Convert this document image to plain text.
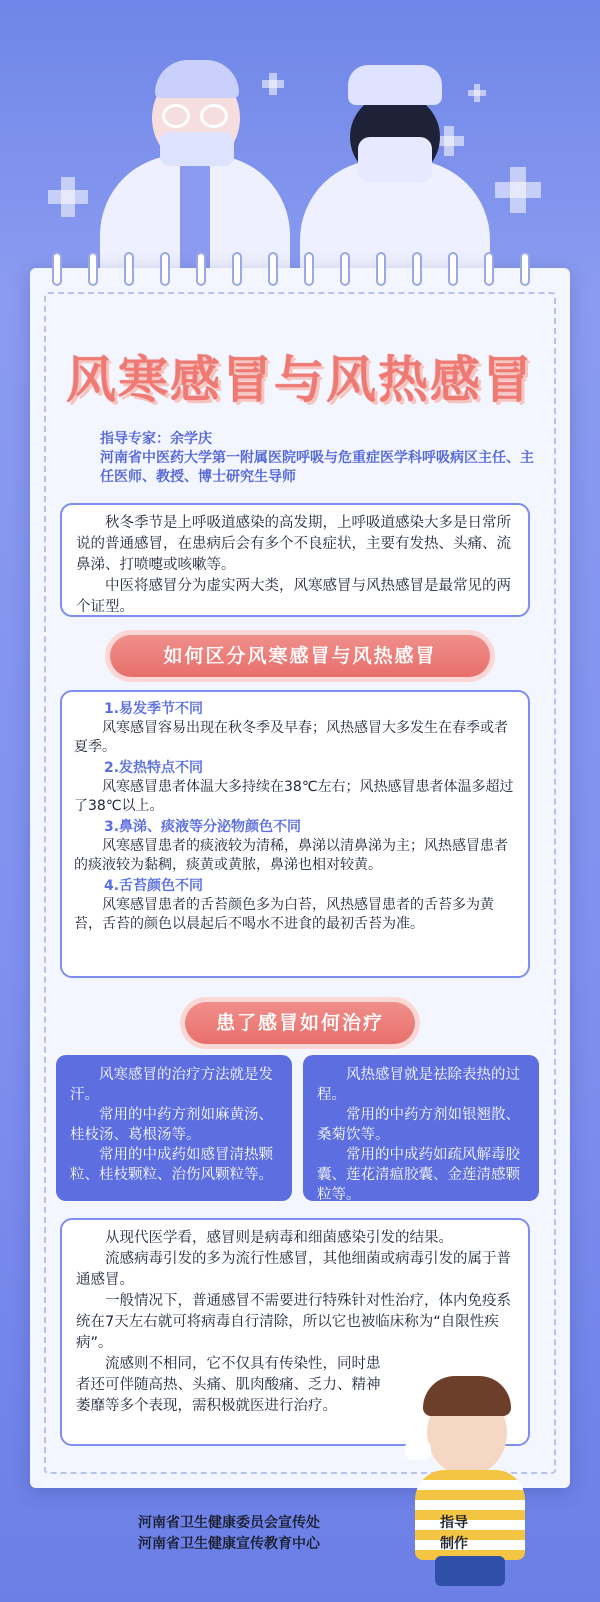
风寒感冒与风热感冒
指导专家：余学庆
河南省中医药大学第一附属医院呼吸与危重症医学科呼吸病区主任、主任医师、教授、博士研究生导师

秋冬季节是上呼吸道感染的高发期，上呼吸道感染大多是日常所说的普通感冒，在患病后会有多个不良症状，主要有发热、头痛、流鼻涕、打喷嚏或咳嗽等。

中医将感冒分为虚实两大类，风寒感冒与风热感冒是最常见的两个证型。

如何区分风寒感冒与风热感冒
1.易发季节不同

风寒感冒容易出现在秋冬季及早春；风热感冒大多发生在春季或者夏季。

2.发热特点不同

风寒感冒患者体温大多持续在38℃左右；风热感冒患者体温多超过了38℃以上。

3.鼻涕、痰液等分泌物颜色不同

风寒感冒患者的痰液较为清稀，鼻涕以清鼻涕为主；风热感冒患者的痰液较为黏稠，痰黄或黄脓，鼻涕也相对较黄。

4.舌苔颜色不同

风寒感冒患者的舌苔颜色多为白苔，风热感冒患者的舌苔多为黄苔，舌苔的颜色以晨起后不喝水不进食的最初舌苔为准。

患了感冒如何治疗

风寒感冒的治疗方法就是发汗。

常用的中药方剂如麻黄汤、桂枝汤、葛根汤等。

常用的中成药如感冒清热颗粒、桂枝颗粒、治伤风颗粒等。

风热感冒就是祛除表热的过程。

常用的中药方剂如银翘散、桑菊饮等。

常用的中成药如疏风解毒胶囊、莲花清瘟胶囊、金莲清感颗粒等。

从现代医学看，感冒则是病毒和细菌感染引发的结果。

流感病毒引发的多为流行性感冒，其他细菌或病毒引发的属于普通感冒。

一般情况下，普通感冒不需要进行特殊针对性治疗，体内免疫系统在7天左右就可将病毒自行清除，所以它也被临床称为“自限性疾病”。

流感则不相同，它不仅具有传染性，同时患者还可伴随高热、头痛、肌肉酸痛、乏力、精神萎靡等多个表现，需积极就医进行治疗。

河南省卫生健康委员会宣传处	指导
河南省卫生健康宣传教育中心	制作
